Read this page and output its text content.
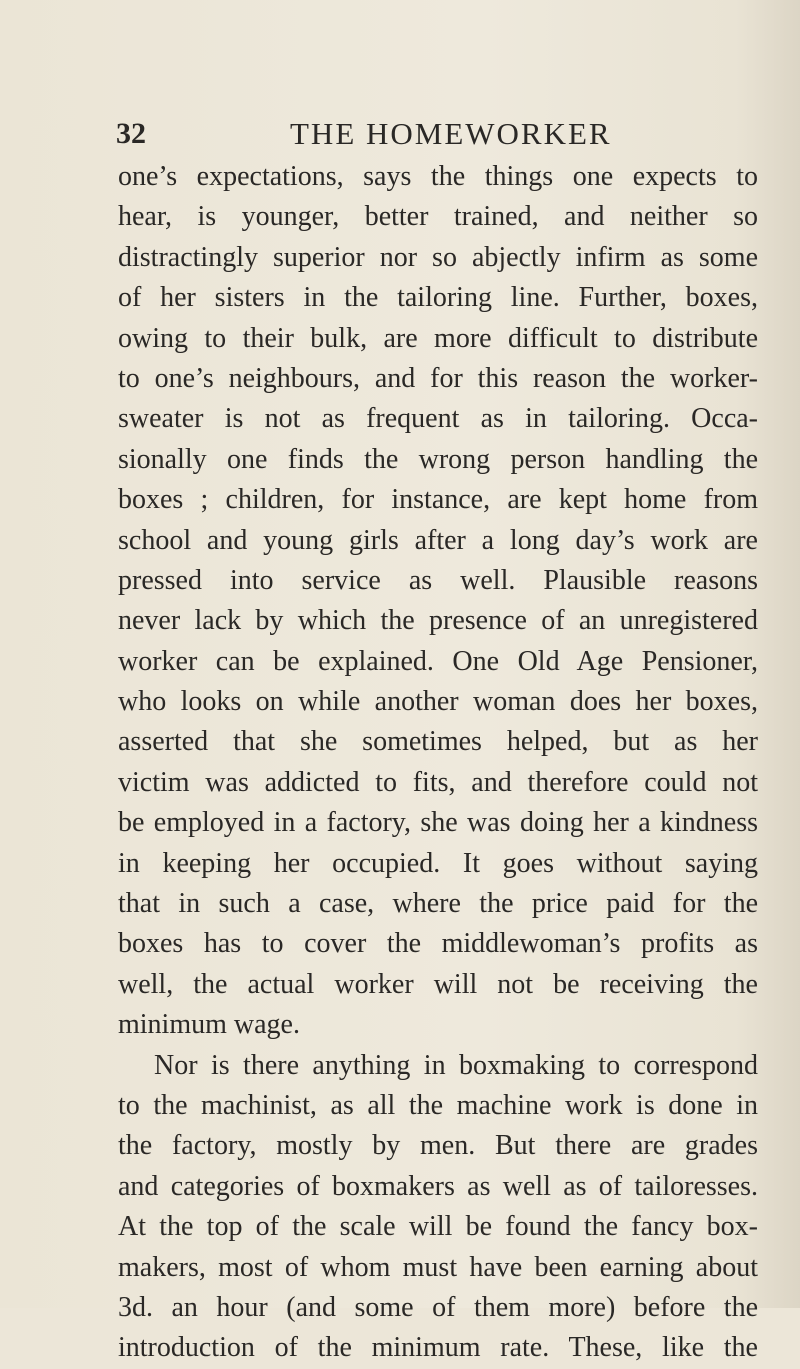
32	THE HOMEWORKER
one’s expectations, says the things one expects to
hear, is younger, better trained, and neither so
distractingly superior nor so abjectly infirm as some
of her sisters in the tailoring line. Further, boxes,
owing to their bulk, are more difficult to distribute
to one’s neighbours, and for this reason the worker-
sweater is not as frequent as in tailoring. Occa-
sionally one finds the wrong person handling the
boxes ; children, for instance, are kept home from
school and young girls after a long day’s work are
pressed into service as well. Plausible reasons
never lack by which the presence of an unregistered
worker can be explained. One Old Age Pensioner,
who looks on while another woman does her boxes,
asserted that she sometimes helped, but as her
victim was addicted to fits, and therefore could not
be employed in a factory, she was doing her a kindness
in keeping her occupied. It goes without saying
that in such a case, where the price paid for the
boxes has to cover the middlewoman’s profits as
well, the actual worker will not be receiving the
minimum wage.
Nor is there anything in boxmaking to correspond
to the machinist, as all the machine work is done in
the factory, mostly by men. But there are grades
and categories of boxmakers as well as of tailoresses.
At the top of the scale will be found the fancy box-
makers, most of whom must have been earning about
3d. an hour (and some of them more) before the
introduction of the minimum rate. These, like the
